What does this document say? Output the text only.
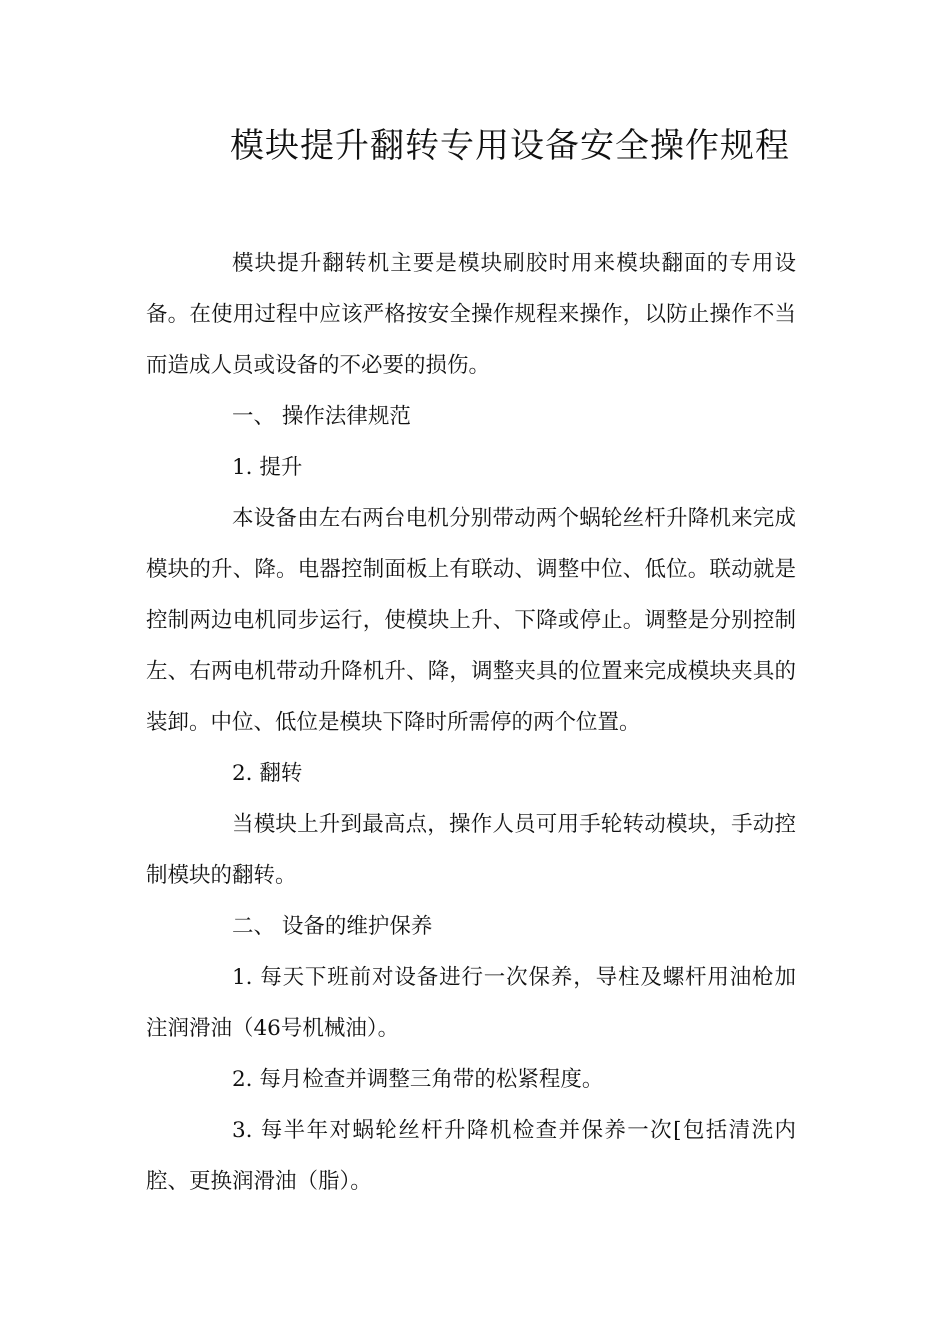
模块提升翻转专用设备安全操作规程

模块提升翻转机主要是模块刷胶时用来模块翻面的专用设备。在使用过程中应该严格按安全操作规程来操作，以防止操作不当而造成人员或设备的不必要的损伤。

一、 操作法律规范

1. 提升

本设备由左右两台电机分别带动两个蜗轮丝杆升降机来完成模块的升、降。电器控制面板上有联动、调整中位、低位。联动就是控制两边电机同步运行，使模块上升、下降或停止。调整是分别控制左、右两电机带动升降机升、降，调整夹具的位置来完成模块夹具的装卸。中位、低位是模块下降时所需停的两个位置。

2. 翻转

当模块上升到最高点，操作人员可用手轮转动模块，手动控制模块的翻转。

二、 设备的维护保养

1. 每天下班前对设备进行一次保养，导柱及螺杆用油枪加注润滑油（46号机械油）。

2. 每月检查并调整三角带的松紧程度。

3. 每半年对蜗轮丝杆升降机检查并保养一次[包括清洗内腔、更换润滑油（脂）。
